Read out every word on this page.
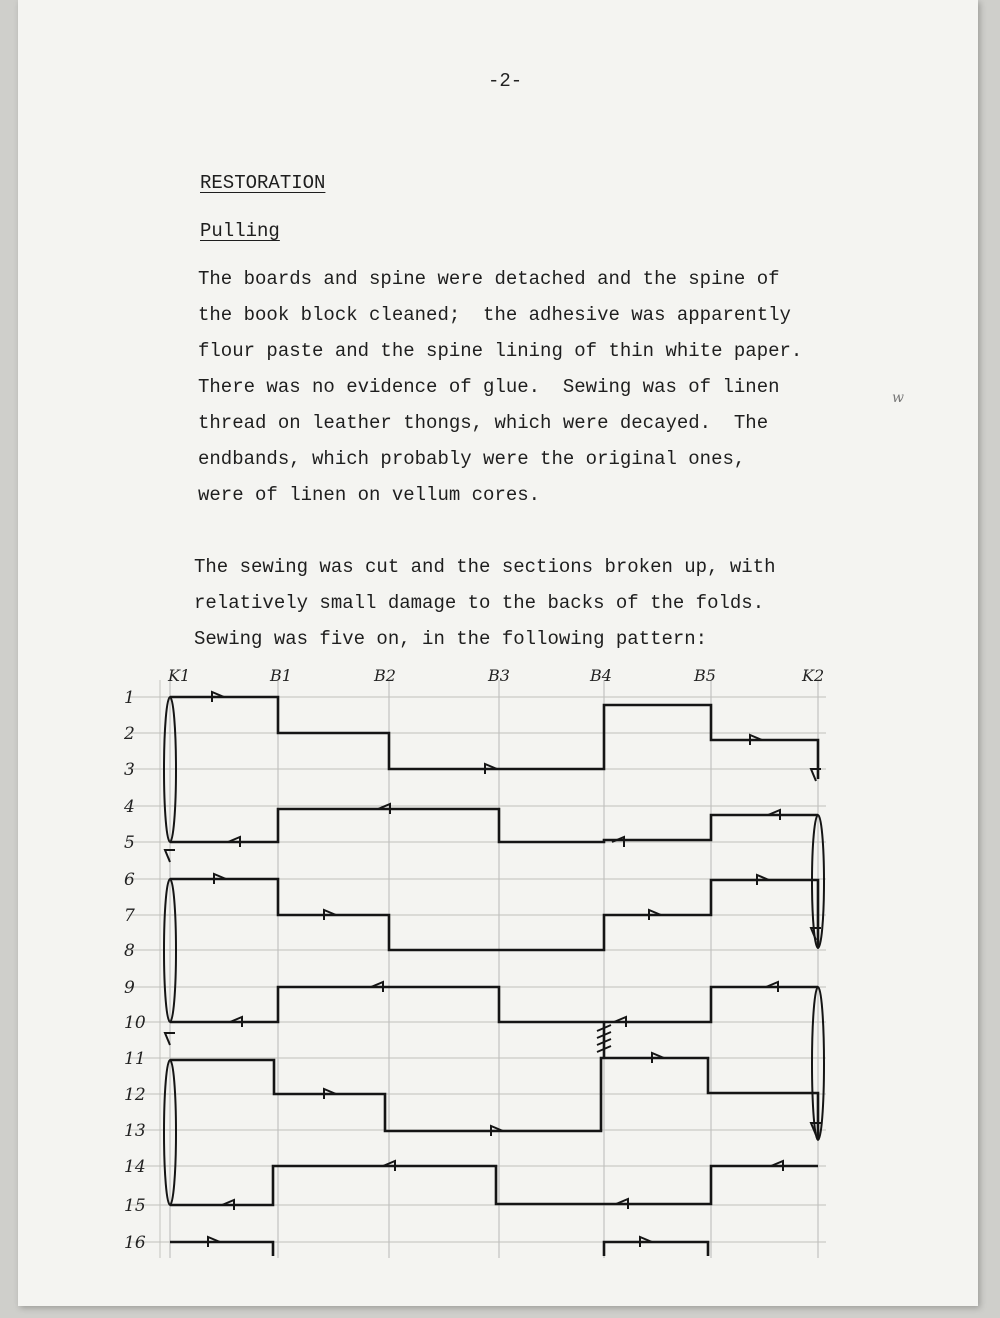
-2-
RESTORATION
Pulling
The boards and spine were detached and the spine of
the book block cleaned;  the adhesive was apparently
flour paste and the spine lining of thin white paper.
There was no evidence of glue.  Sewing was of linen
thread on leather thongs, which were decayed.  The
endbands, which probably were the original ones,
were of linen on vellum cores.
The sewing was cut and the sections broken up, with
relatively small damage to the backs of the folds.
Sewing was five on, in the following pattern:
w
K1	B1	B2	B3	B4	B5	K2
1
2
3
4
5
6
7
8
9
10
11
12
13
14
15
16
